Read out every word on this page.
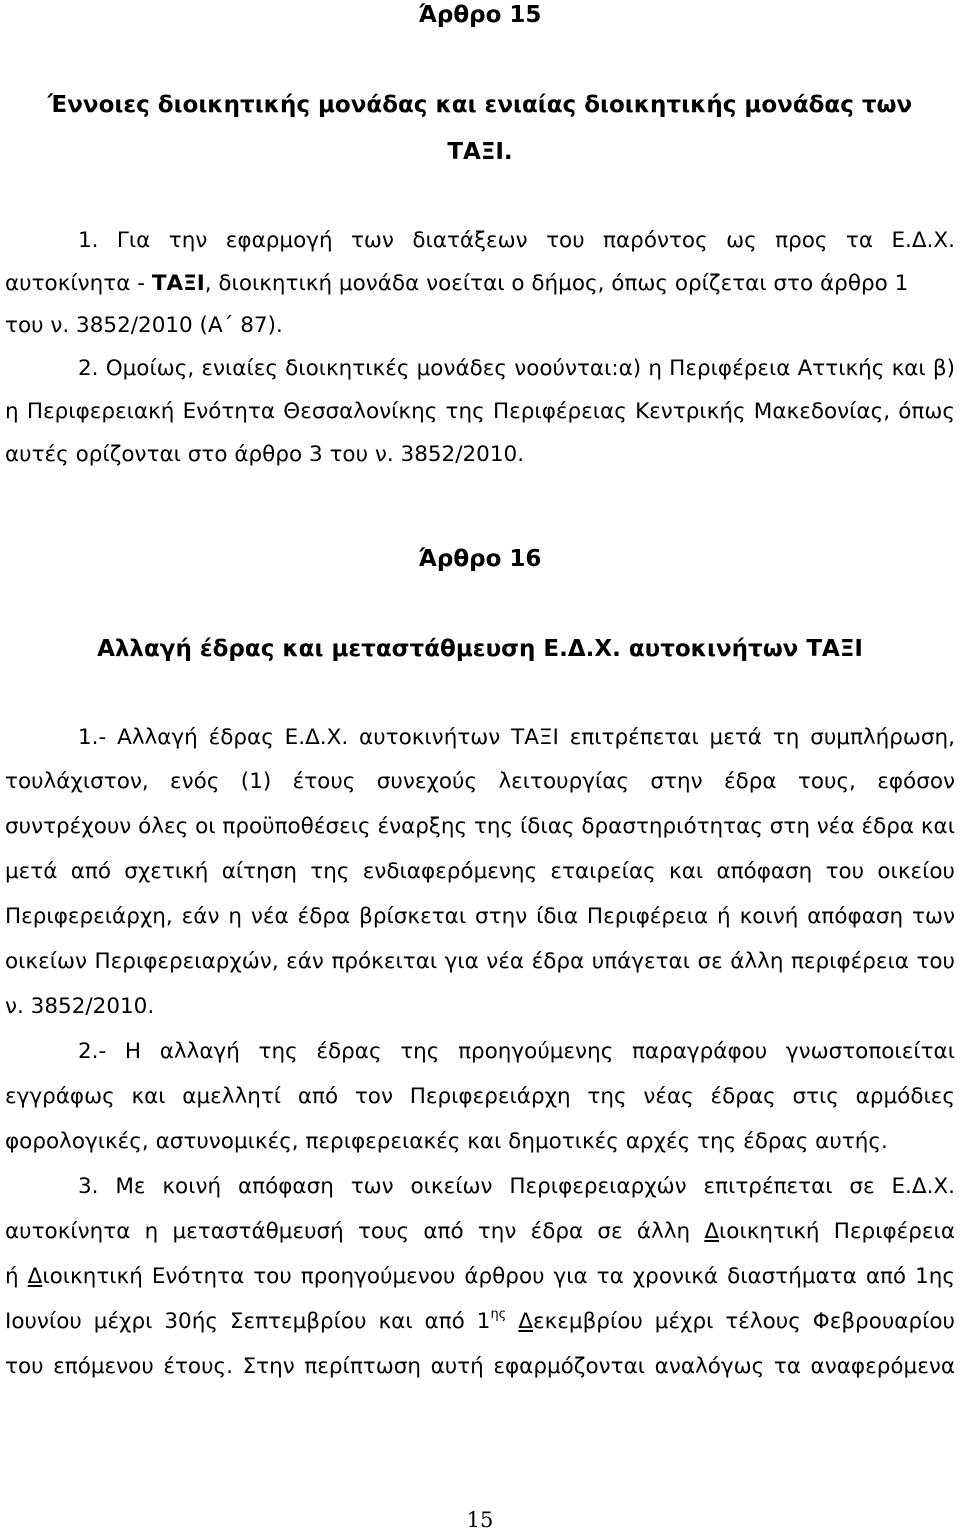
Άρθρο 15
Έννοιες διοικητικής μονάδας και ενιαίας διοικητικής μονάδας των
ΤΑΞΙ.
1. Για την εφαρμογή των διατάξεων του παρόντος ως προς τα Ε.Δ.Χ.
αυτοκίνητα - ΤΑΞΙ, διοικητική μονάδα νοείται ο δήμος, όπως ορίζεται στο άρθρο 1
του ν. 3852/2010 (Α΄ 87).
2. Ομοίως, ενιαίες διοικητικές μονάδες νοούνται:α) η Περιφέρεια Αττικής και β)
η Περιφερειακή Ενότητα Θεσσαλονίκης της Περιφέρειας Κεντρικής Μακεδονίας, όπως
αυτές ορίζονται στο άρθρο 3 του ν. 3852/2010.
Άρθρο 16
Αλλαγή έδρας και μεταστάθμευση Ε.Δ.Χ. αυτοκινήτων ΤΑΞΙ
1.- Αλλαγή έδρας Ε.Δ.Χ. αυτοκινήτων ΤΑΞΙ επιτρέπεται μετά τη συμπλήρωση,
τουλάχιστον, ενός (1) έτους συνεχούς λειτουργίας στην έδρα τους, εφόσον
συντρέχουν όλες οι προϋποθέσεις έναρξης της ίδιας δραστηριότητας στη νέα έδρα και
μετά από σχετική αίτηση της ενδιαφερόμενης εταιρείας και απόφαση του οικείου
Περιφερειάρχη, εάν η νέα έδρα βρίσκεται στην ίδια Περιφέρεια ή κοινή απόφαση των
οικείων Περιφερειαρχών, εάν πρόκειται για νέα έδρα υπάγεται σε άλλη περιφέρεια του
ν. 3852/2010.
2.- Η αλλαγή της έδρας της προηγούμενης παραγράφου γνωστοποιείται
εγγράφως και αμελλητί από τον Περιφερειάρχη της νέας έδρας στις αρμόδιες
φορολογικές, αστυνομικές, περιφερειακές και δημοτικές αρχές της έδρας αυτής.
3. Με κοινή απόφαση των οικείων Περιφερειαρχών επιτρέπεται σε Ε.Δ.Χ.
αυτοκίνητα η μεταστάθμευσή τους από την έδρα σε άλλη Διοικητική Περιφέρεια
ή Διοικητική Ενότητα του προηγούμενου άρθρου για τα χρονικά διαστήματα από 1ης
Ιουνίου μέχρι 30ής Σεπτεμβρίου και από $1^{\eta\varsigma}$ Δεκεμβρίου μέχρι τέλους Φεβρουαρίου
του επόμενου έτους. Στην περίπτωση αυτή εφαρμόζονται αναλόγως τα αναφερόμενα
15
